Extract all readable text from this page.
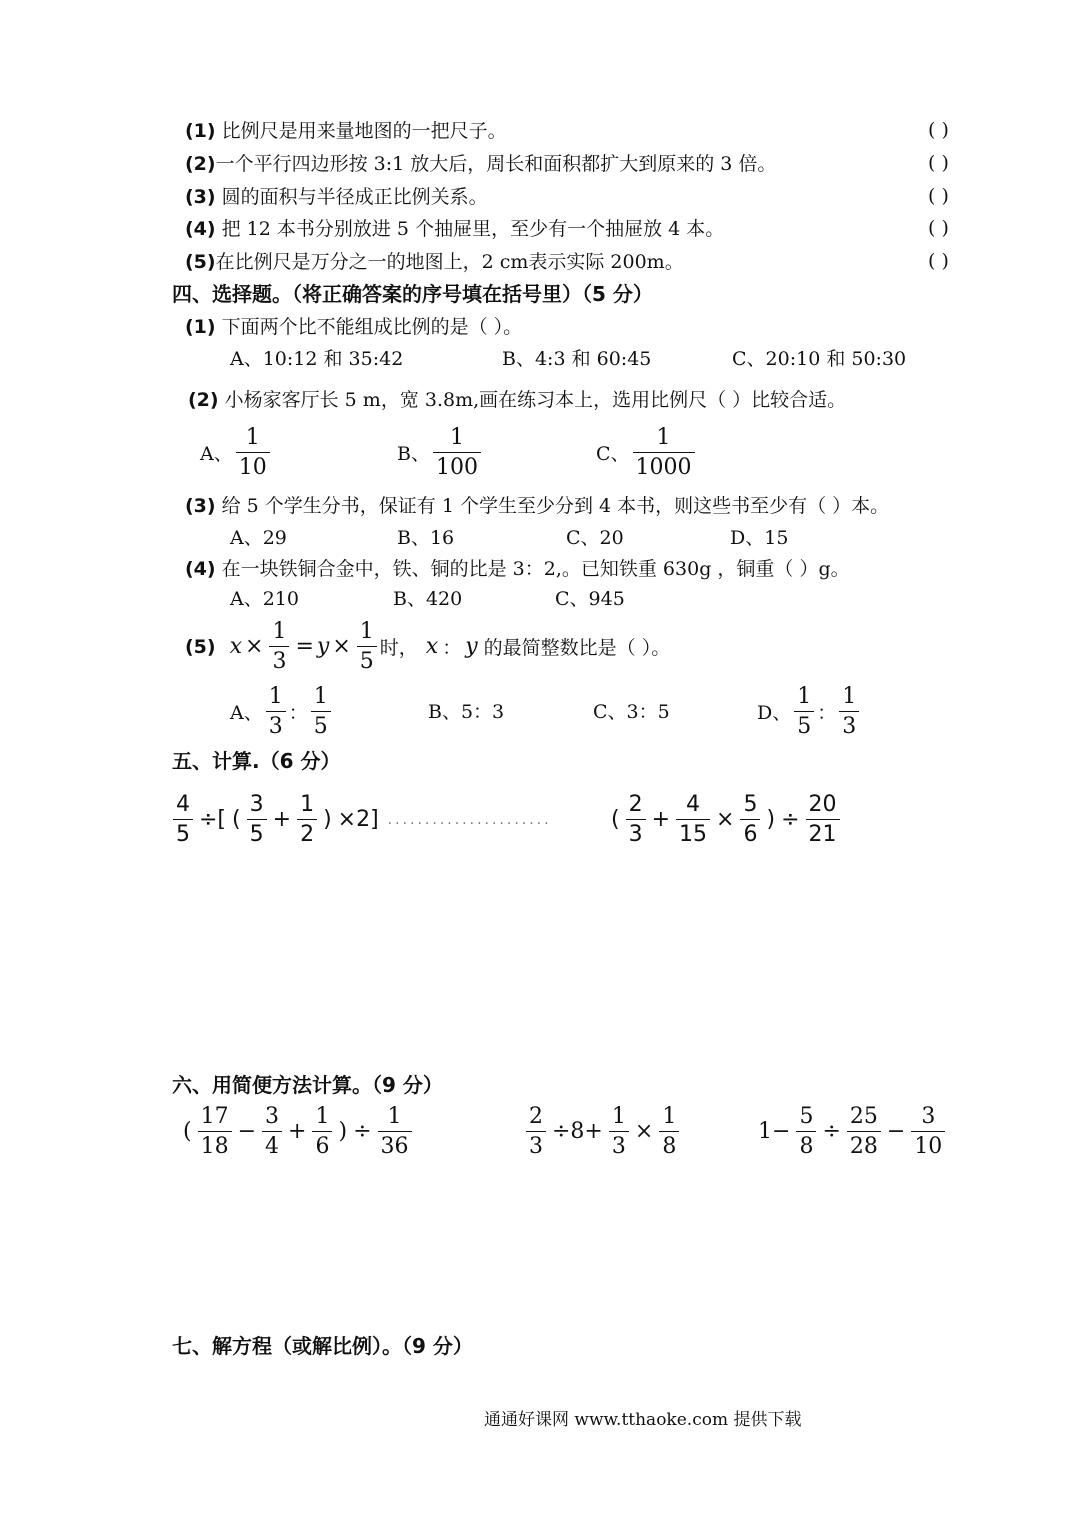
(1) 比例尺是用来量地图的一把尺子。	( )
(2)一个平行四边形按 3:1 放大后，周长和面积都扩大到原来的 3 倍。	( )
(3) 圆的面积与半径成正比例关系。	( )
(4) 把 12 本书分别放进 5 个抽屉里，至少有一个抽屉放 4 本。	( )
(5)在比例尺是万分之一的地图上，2 cm表示实际 200m。	( )
四、选择题。（将正确答案的序号填在括号里）（5 分）
(1) 下面两个比不能组成比例的是（ ）。
A、10:12 和 35:42	B、4:3 和 60:45	C、20:10 和 50:30
(2) 小杨家客厅长 5 m，宽 3.8m,画在练习本上，选用比例尺（ ）比较合适。
A、 $\frac{1}{10}$	B、 $\frac{1}{100}$	C、 $\frac{1}{1000}$
(3) 给 5 个学生分书，保证有 1 个学生至少分到 4 本书，则这些书至少有（ ）本。
A、29	B、16	C、20	D、15
(4) 在一块铁铜合金中，铁、铜的比是 3：2,。已知铁重 630g ，铜重（ ）g。
A、210	B、420	C、945
(5) $x \times \frac{1}{3} = y \times \frac{1}{5}$ 时， x ： y 的最简整数比是（ ）。
A、 $\frac{1}{3}$ ： $\frac{1}{5}$	B、5：3	C、3：5	D、 $\frac{1}{5}$ ： $\frac{1}{3}$
五、计算.（6 分）
$\frac{4}{5}$ ÷[ ( $\frac{3}{5} + \frac{1}{2}$ ) ×2] ......................	( $\frac{2}{3} + \frac{4}{15} \times \frac{5}{6}$ ) ÷ $\frac{20}{21}$
六、用简便方法计算。（9 分）
( $\frac{17}{18} - \frac{3}{4} + \frac{1}{6}$ ) ÷ $\frac{1}{36}$	$\frac{2}{3} \div 8+ \frac{1}{3} \times \frac{1}{8}$	$1- \frac{5}{8} \div \frac{25}{28} - \frac{3}{10}$
七、解方程（或解比例）。（9 分）
通通好课网 www.tthaoke.com 提供下载
